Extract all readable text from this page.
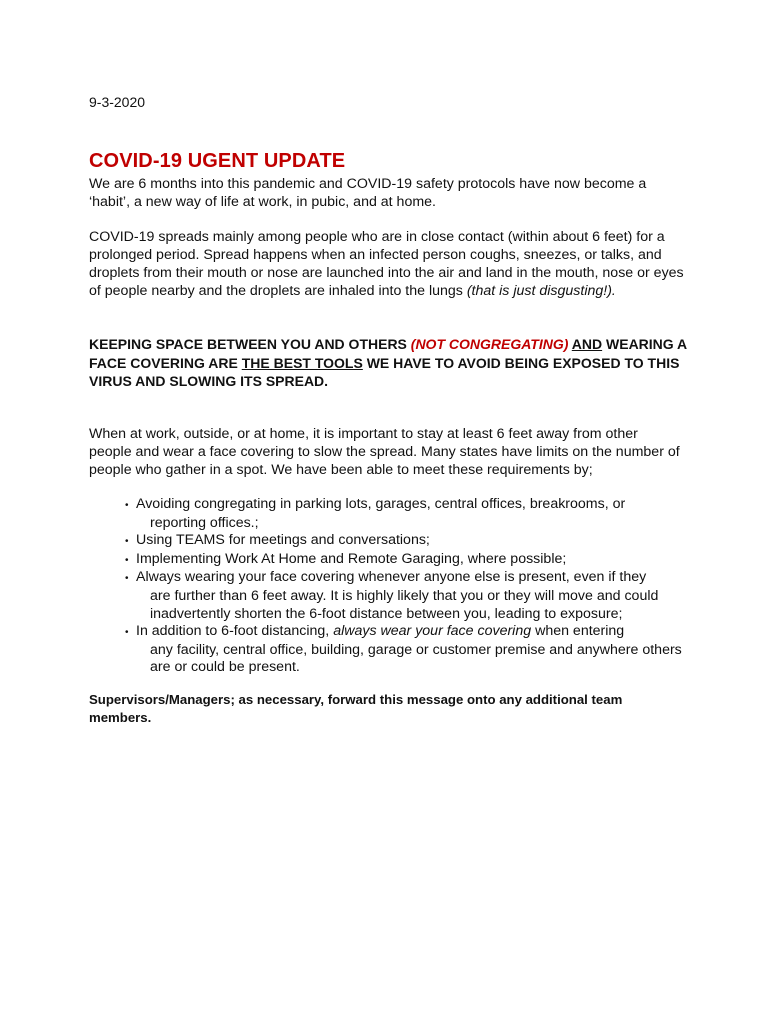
9-3-2020
COVID-19 UGENT UPDATE

We are 6 months into this pandemic and COVID-19 safety protocols have now become a ‘habit’, a new way of life at work, in pubic, and at home.

COVID-19 spreads mainly among people who are in close contact (within about 6 feet) for a prolonged period. Spread happens when an infected person coughs, sneezes, or talks, and droplets from their mouth or nose are launched into the air and land in the mouth, nose or eyes of people nearby and the droplets are inhaled into the lungs (that is just disgusting!).

KEEPING SPACE BETWEEN YOU AND OTHERS (NOT CONGREGATING) AND WEARING A FACE COVERING ARE THE BEST TOOLS WE HAVE TO AVOID BEING EXPOSED TO THIS VIRUS AND SLOWING ITS SPREAD.

When at work, outside, or at home, it is important to stay at least 6 feet away from other people and wear a face covering to slow the spread. Many states have limits on the number of people who gather in a spot. We have been able to meet these requirements by;

• Avoiding congregating in parking lots, garages, central offices, breakrooms, or
reporting offices.;
• Using TEAMS for meetings and conversations;
• Implementing Work At Home and Remote Garaging, where possible;
• Always wearing your face covering whenever anyone else is present, even if they
are further than 6 feet away. It is highly likely that you or they will move and could inadvertently shorten the 6-foot distance between you, leading to exposure;
• In addition to 6-foot distancing, always wear your face covering when entering
any facility, central office, building, garage or customer premise and anywhere others are or could be present.

Supervisors/Managers; as necessary, forward this message onto any additional team members.
